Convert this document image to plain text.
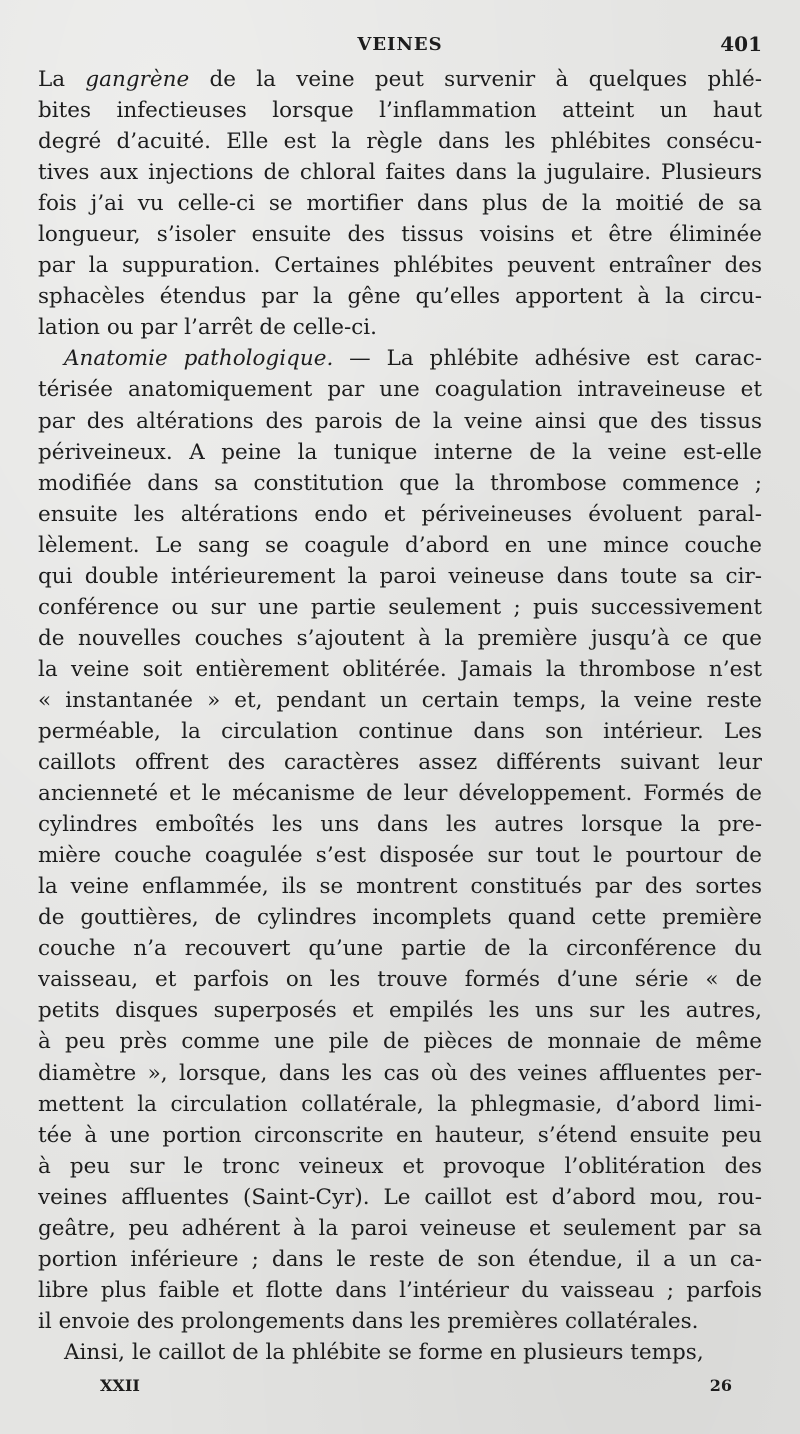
VEINES	401
La gangrène de la veine peut survenir à quelques phlé-
bites infectieuses lorsque l’inflammation atteint un haut
degré d’acuité. Elle est la règle dans les phlébites consécu-
tives aux injections de chloral faites dans la jugulaire. Plusieurs
fois j’ai vu celle-ci se mortifier dans plus de la moitié de sa
longueur, s’isoler ensuite des tissus voisins et être éliminée
par la suppuration. Certaines phlébites peuvent entraîner des
sphacèles étendus par la gêne qu’elles apportent à la circu-
lation ou par l’arrêt de celle-ci.
Anatomie pathologique. — La phlébite adhésive est carac-
térisée anatomiquement par une coagulation intraveineuse et
par des altérations des parois de la veine ainsi que des tissus
périveineux. A peine la tunique interne de la veine est-elle
modifiée dans sa constitution que la thrombose commence ;
ensuite les altérations endo et périveineuses évoluent paral-
lèlement. Le sang se coagule d’abord en une mince couche
qui double intérieurement la paroi veineuse dans toute sa cir-
conférence ou sur une partie seulement ; puis successivement
de nouvelles couches s’ajoutent à la première jusqu’à ce que
la veine soit entièrement oblitérée. Jamais la thrombose n’est
« instantanée » et, pendant un certain temps, la veine reste
perméable, la circulation continue dans son intérieur. Les
caillots offrent des caractères assez différents suivant leur
ancienneté et le mécanisme de leur développement. Formés de
cylindres emboîtés les uns dans les autres lorsque la pre-
mière couche coagulée s’est disposée sur tout le pourtour de
la veine enflammée, ils se montrent constitués par des sortes
de gouttières, de cylindres incomplets quand cette première
couche n’a recouvert qu’une partie de la circonférence du
vaisseau, et parfois on les trouve formés d’une série « de
petits disques superposés et empilés les uns sur les autres,
à peu près comme une pile de pièces de monnaie de même
diamètre », lorsque, dans les cas où des veines affluentes per-
mettent la circulation collatérale, la phlegmasie, d’abord limi-
tée à une portion circonscrite en hauteur, s’étend ensuite peu
à peu sur le tronc veineux et provoque l’oblitération des
veines affluentes (Saint-Cyr). Le caillot est d’abord mou, rou-
geâtre, peu adhérent à la paroi veineuse et seulement par sa
portion inférieure ; dans le reste de son étendue, il a un ca-
libre plus faible et flotte dans l’intérieur du vaisseau ; parfois
il envoie des prolongements dans les premières collatérales.
Ainsi, le caillot de la phlébite se forme en plusieurs temps,
XXII	26
